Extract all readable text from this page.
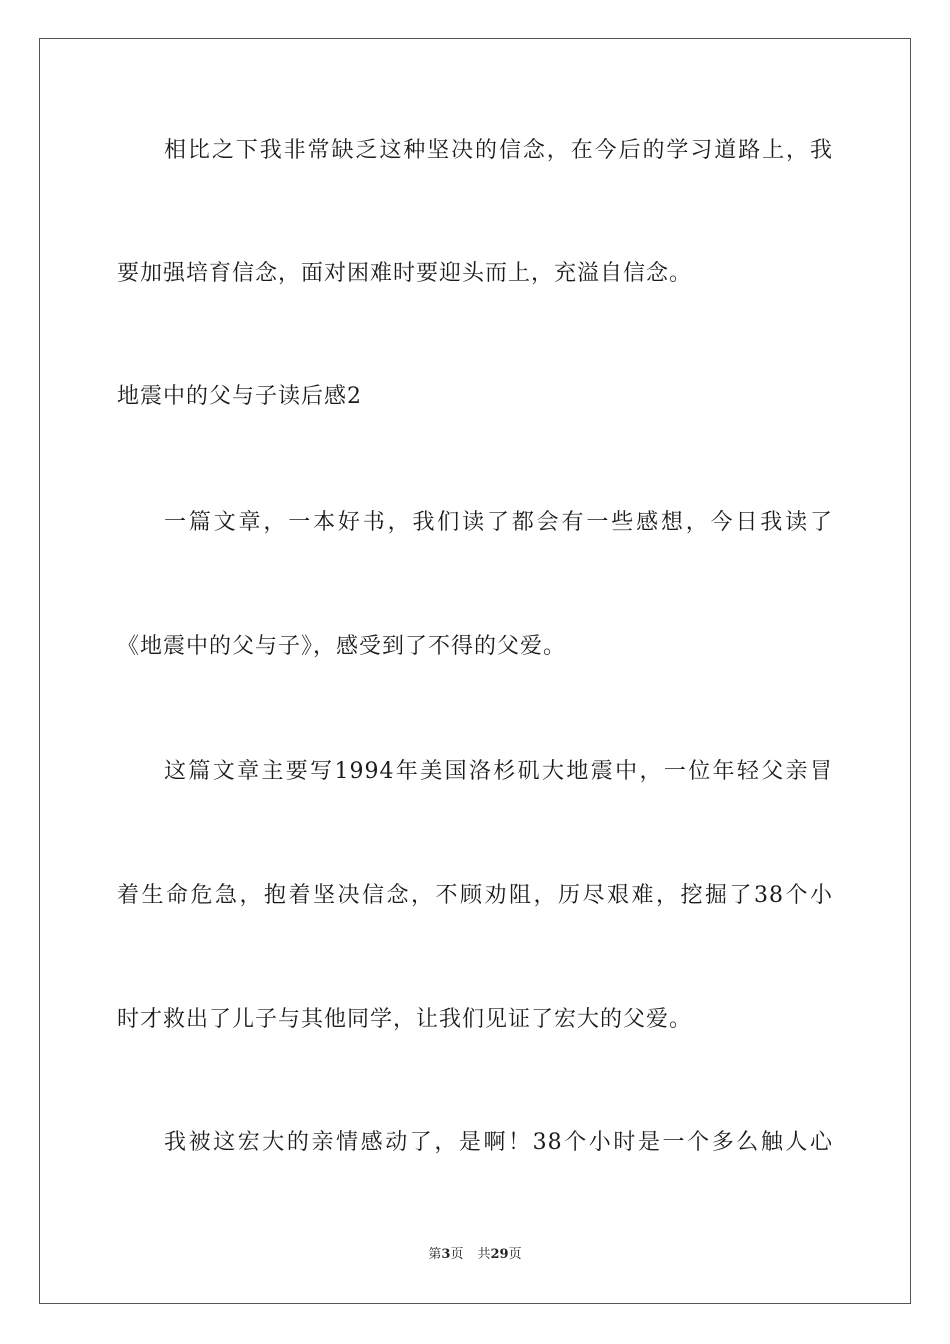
相比之下我非常缺乏这种坚决的信念，在今后的学习道路上，我
要加强培育信念，面对困难时要迎头而上，充溢自信念。
地震中的父与子读后感2
一篇文章，一本好书，我们读了都会有一些感想，今日我读了
《地震中的父与子》，感受到了不得的父爱。
这篇文章主要写1994年美国洛杉矶大地震中，一位年轻父亲冒
着生命危急，抱着坚决信念，不顾劝阻，历尽艰难，挖掘了38个小
时才救出了儿子与其他同学，让我们见证了宏大的父爱。
我被这宏大的亲情感动了，是啊！38个小时是一个多么触人心
第3页 共29页
